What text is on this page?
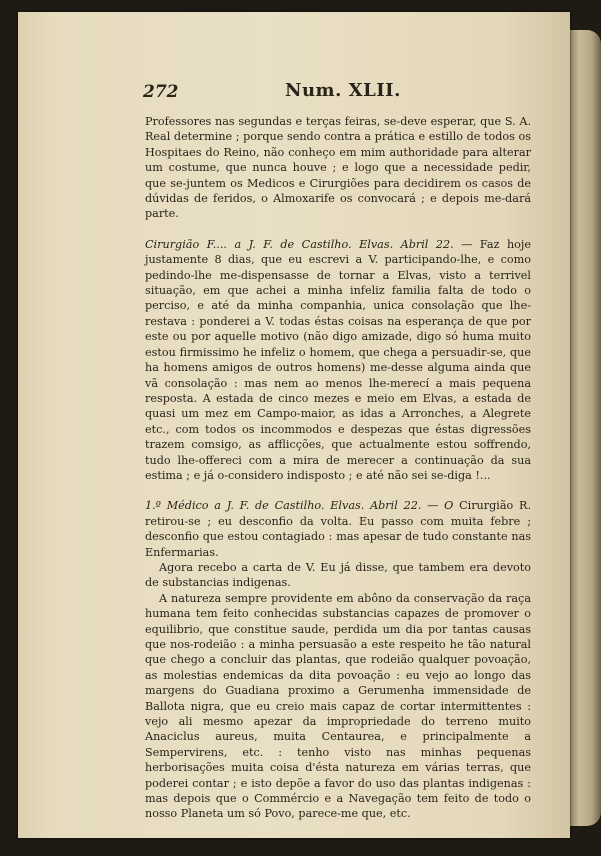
272	Num. XLII.

Professores nas segundas e terças feiras, se-deve esperar, que S. A. Real determine ; porque sendo contra a prática e estillo de todos os Hospitaes do Reino, não conheço em mim authoridade para alterar um costume, que nunca houve ; e logo que a necessidade pedir, que se-juntem os Medicos e Cirurgiões para decidirem os casos de dúvidas de feridos, o Almoxarife os convocará ; e depois me-dará parte.

Cirurgião F.... a J. F. de Castilho. Elvas. Abril 22. — Faz hoje justamente 8 dias, que eu escrevi a V. participando-lhe, e como pedindo-lhe me-dispensasse de tornar a Elvas, visto a terrivel situação, em que achei a minha infeliz familia falta de todo o perciso, e até da minha companhia, unica consolação que lhe-restava : ponderei a V. todas éstas coisas na esperança de que por este ou por aquelle motivo (não digo amizade, digo só huma muito estou firmissimo he infeliz o homem, que chega a persuadir-se, que ha homens amigos de outros homens) me-desse alguma ainda que vã consolação : mas nem ao menos lhe-merecí a mais pequena resposta. A estada de cinco mezes e meio em Elvas, a estada de quasi um mez em Campo-maior, as idas a Arronches, a Alegrete etc., com todos os incommodos e despezas que éstas digressões trazem comsigo, as afflicções, que actualmente estou soffrendo, tudo lhe-offereci com a mira de merecer a continuação da sua estima ; e já o-considero indisposto ; e até não sei se-diga !...

1.º Médico a J. F. de Castilho. Elvas. Abril 22. — O Cirurgião R. retirou-se ; eu desconfio da volta. Eu passo com muita febre ; desconfio que estou contagiado : mas apesar de tudo constante nas Enfermarias.

Agora recebo a carta de V. Eu já disse, que tambem era devoto de substancias indigenas.

A natureza sempre providente em abôno da conservação da raça humana tem feito conhecidas substancias capazes de promover o equilibrio, que constitue saude, perdida um dia por tantas causas que nos-rodeião : a minha persuasão a este respeito he tão natural que chego a concluir das plantas, que rodeião qualquer povoação, as molestias endemicas da dita povoação : eu vejo ao longo das margens do Guadiana proximo a Gerumenha immensidade de Ballota nigra, que eu creio mais capaz de cortar intermittentes : vejo ali mesmo apezar da impropriedade do terreno muito Anaciclus aureus, muita Centaurea, e principalmente a Sempervirens, etc. : tenho visto nas minhas pequenas herborisações muita coisa d'ésta natureza em várias terras, que poderei contar ; e isto depõe a favor do uso das plantas indigenas : mas depois que o Commércio e a Navegação tem feito de todo o nosso Planeta um só Povo, parece-me que, etc.
